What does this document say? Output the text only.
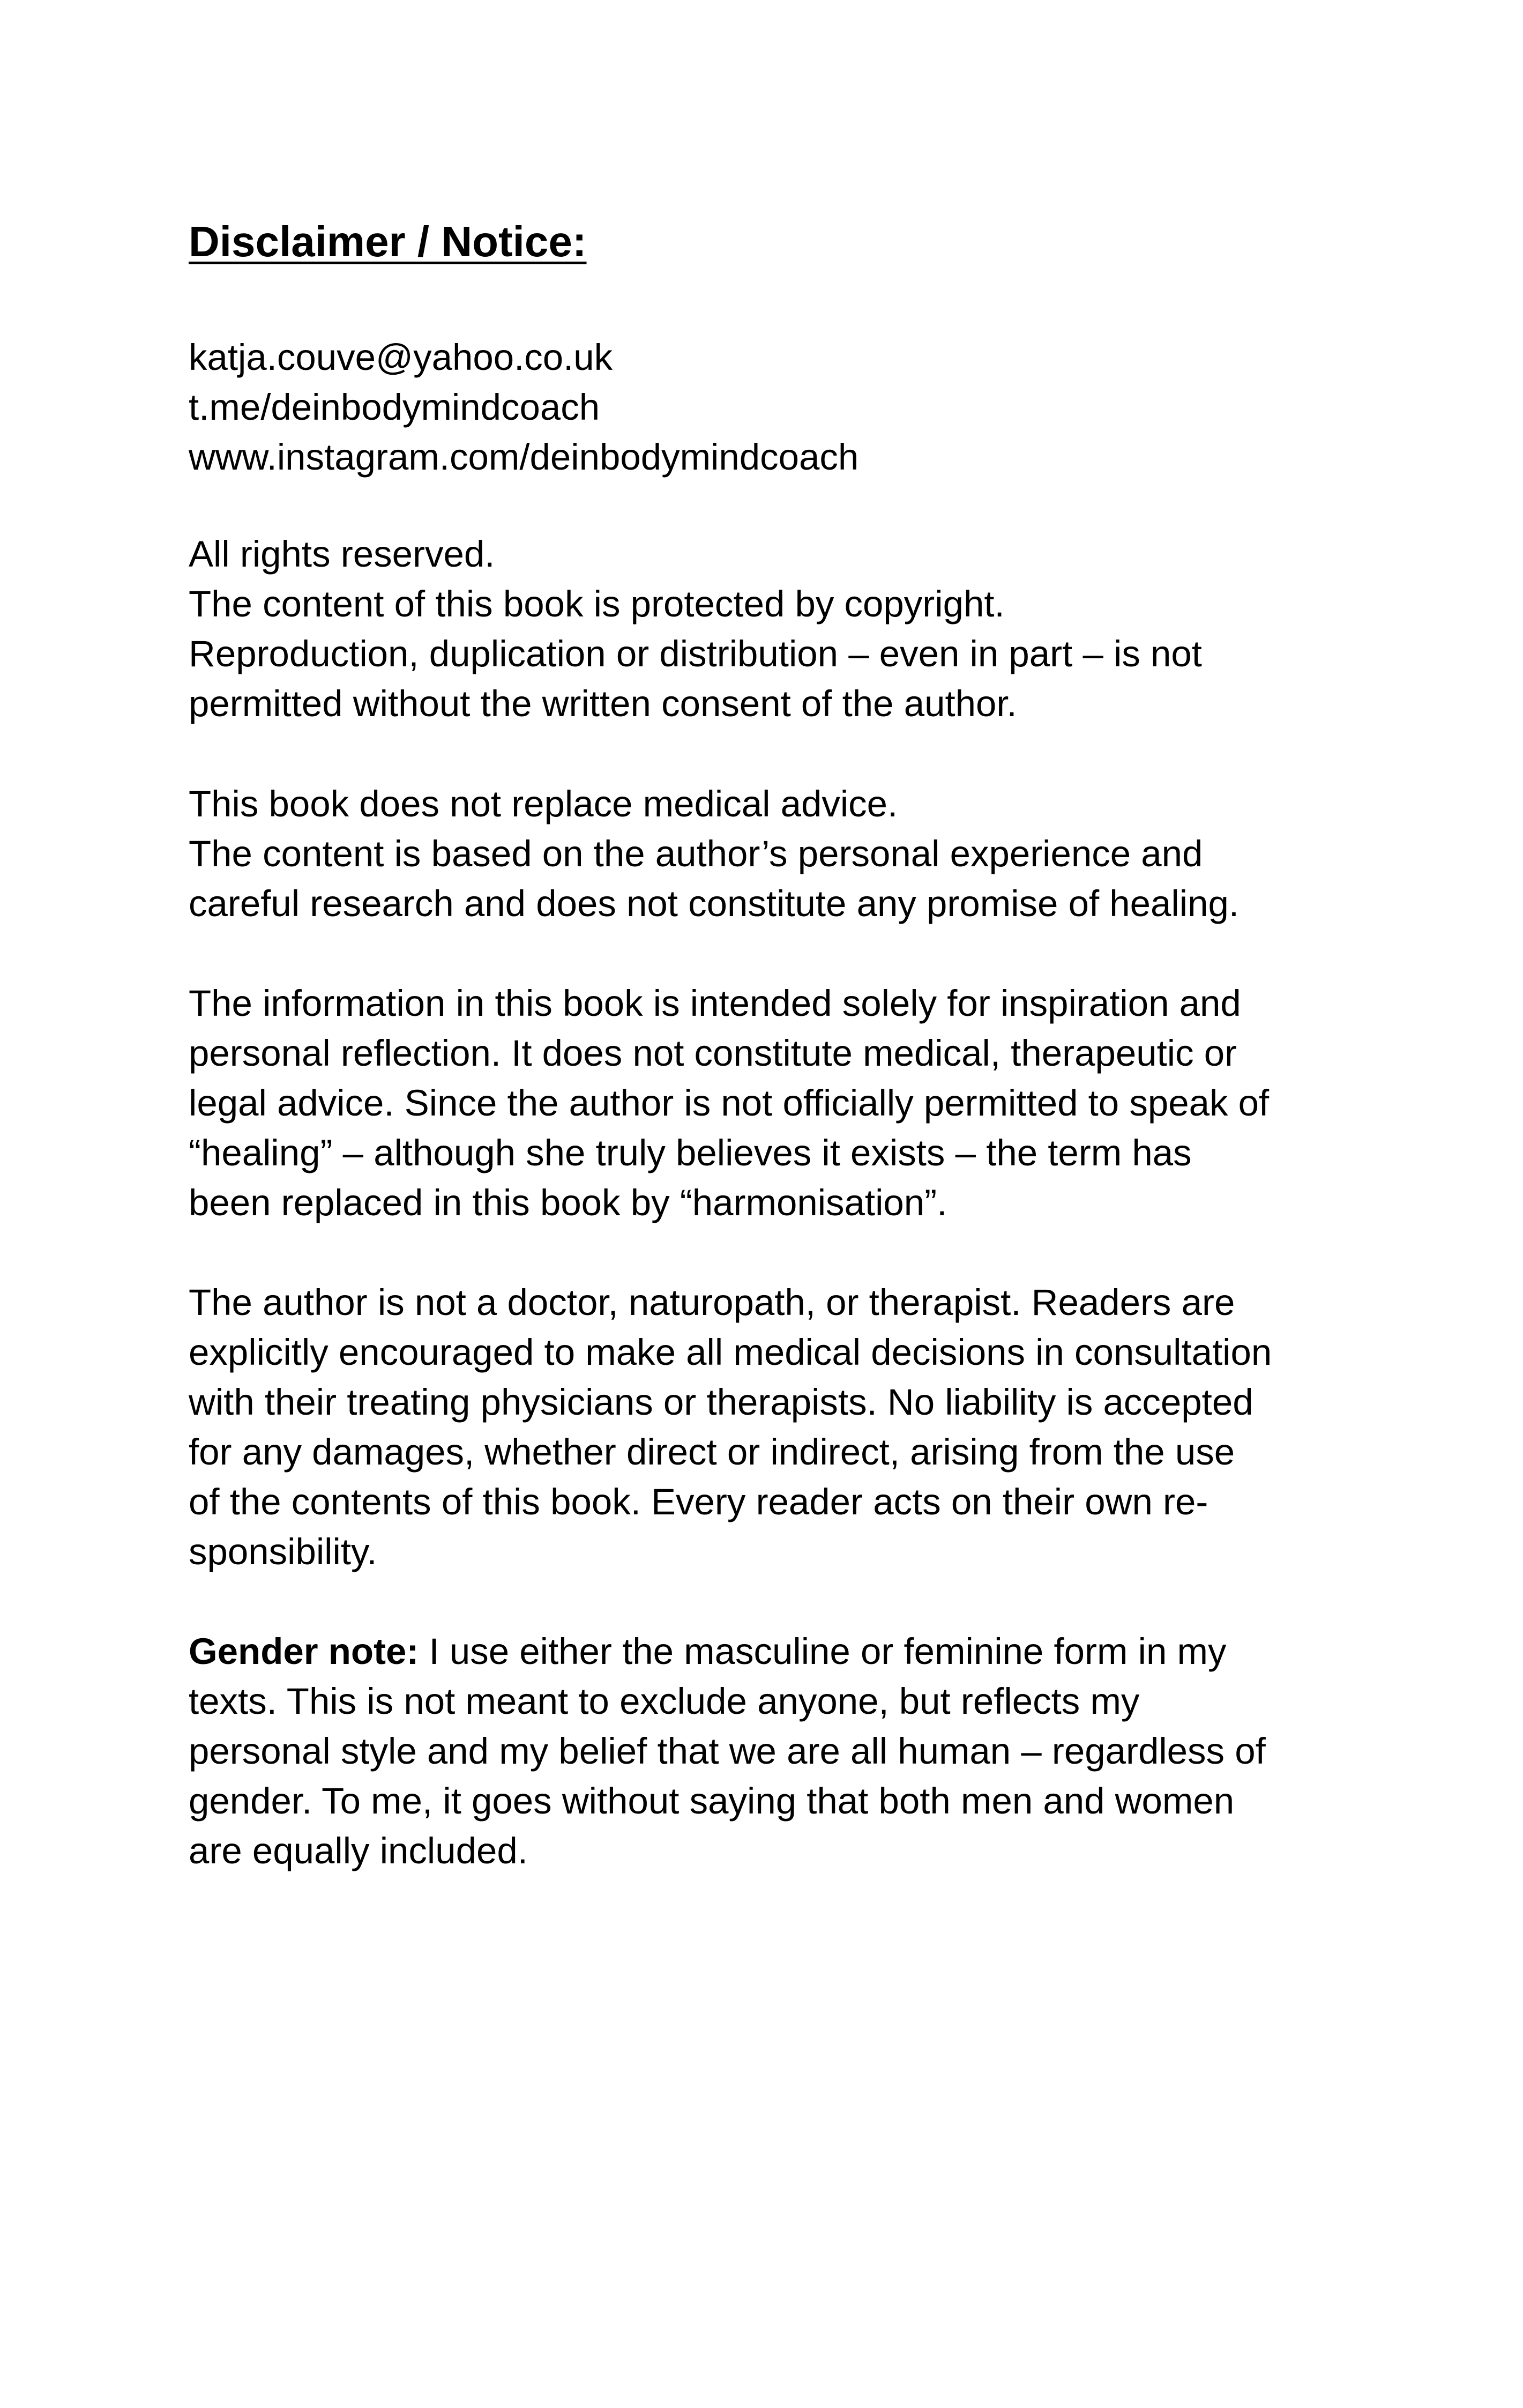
Disclaimer / Notice:
katja.couve@yahoo.co.uk
t.me/deinbodymindcoach
www.instagram.com/deinbodymindcoach
All rights reserved.
The content of this book is protected by copyright.
Reproduction, duplication or distribution – even in part – is not
permitted without the written consent of the author.
This book does not replace medical advice.
The content is based on the author’s personal experience and
careful research and does not constitute any promise of healing.
The information in this book is intended solely for inspiration and
personal reflection. It does not constitute medical, therapeutic or
legal advice. Since the author is not officially permitted to speak of
“healing” – although she truly believes it exists – the term has
been replaced in this book by “harmonisation”.
The author is not a doctor, naturopath, or therapist. Readers are
explicitly encouraged to make all medical decisions in consultation
with their treating physicians or therapists. No liability is accepted
for any damages, whether direct or indirect, arising from the use
of the contents of this book. Every reader acts on their own re-
sponsibility.
Gender note: I use either the masculine or feminine form in my
texts. This is not meant to exclude anyone, but reflects my
personal style and my belief that we are all human – regardless of
gender. To me, it goes without saying that both men and women
are equally included.
